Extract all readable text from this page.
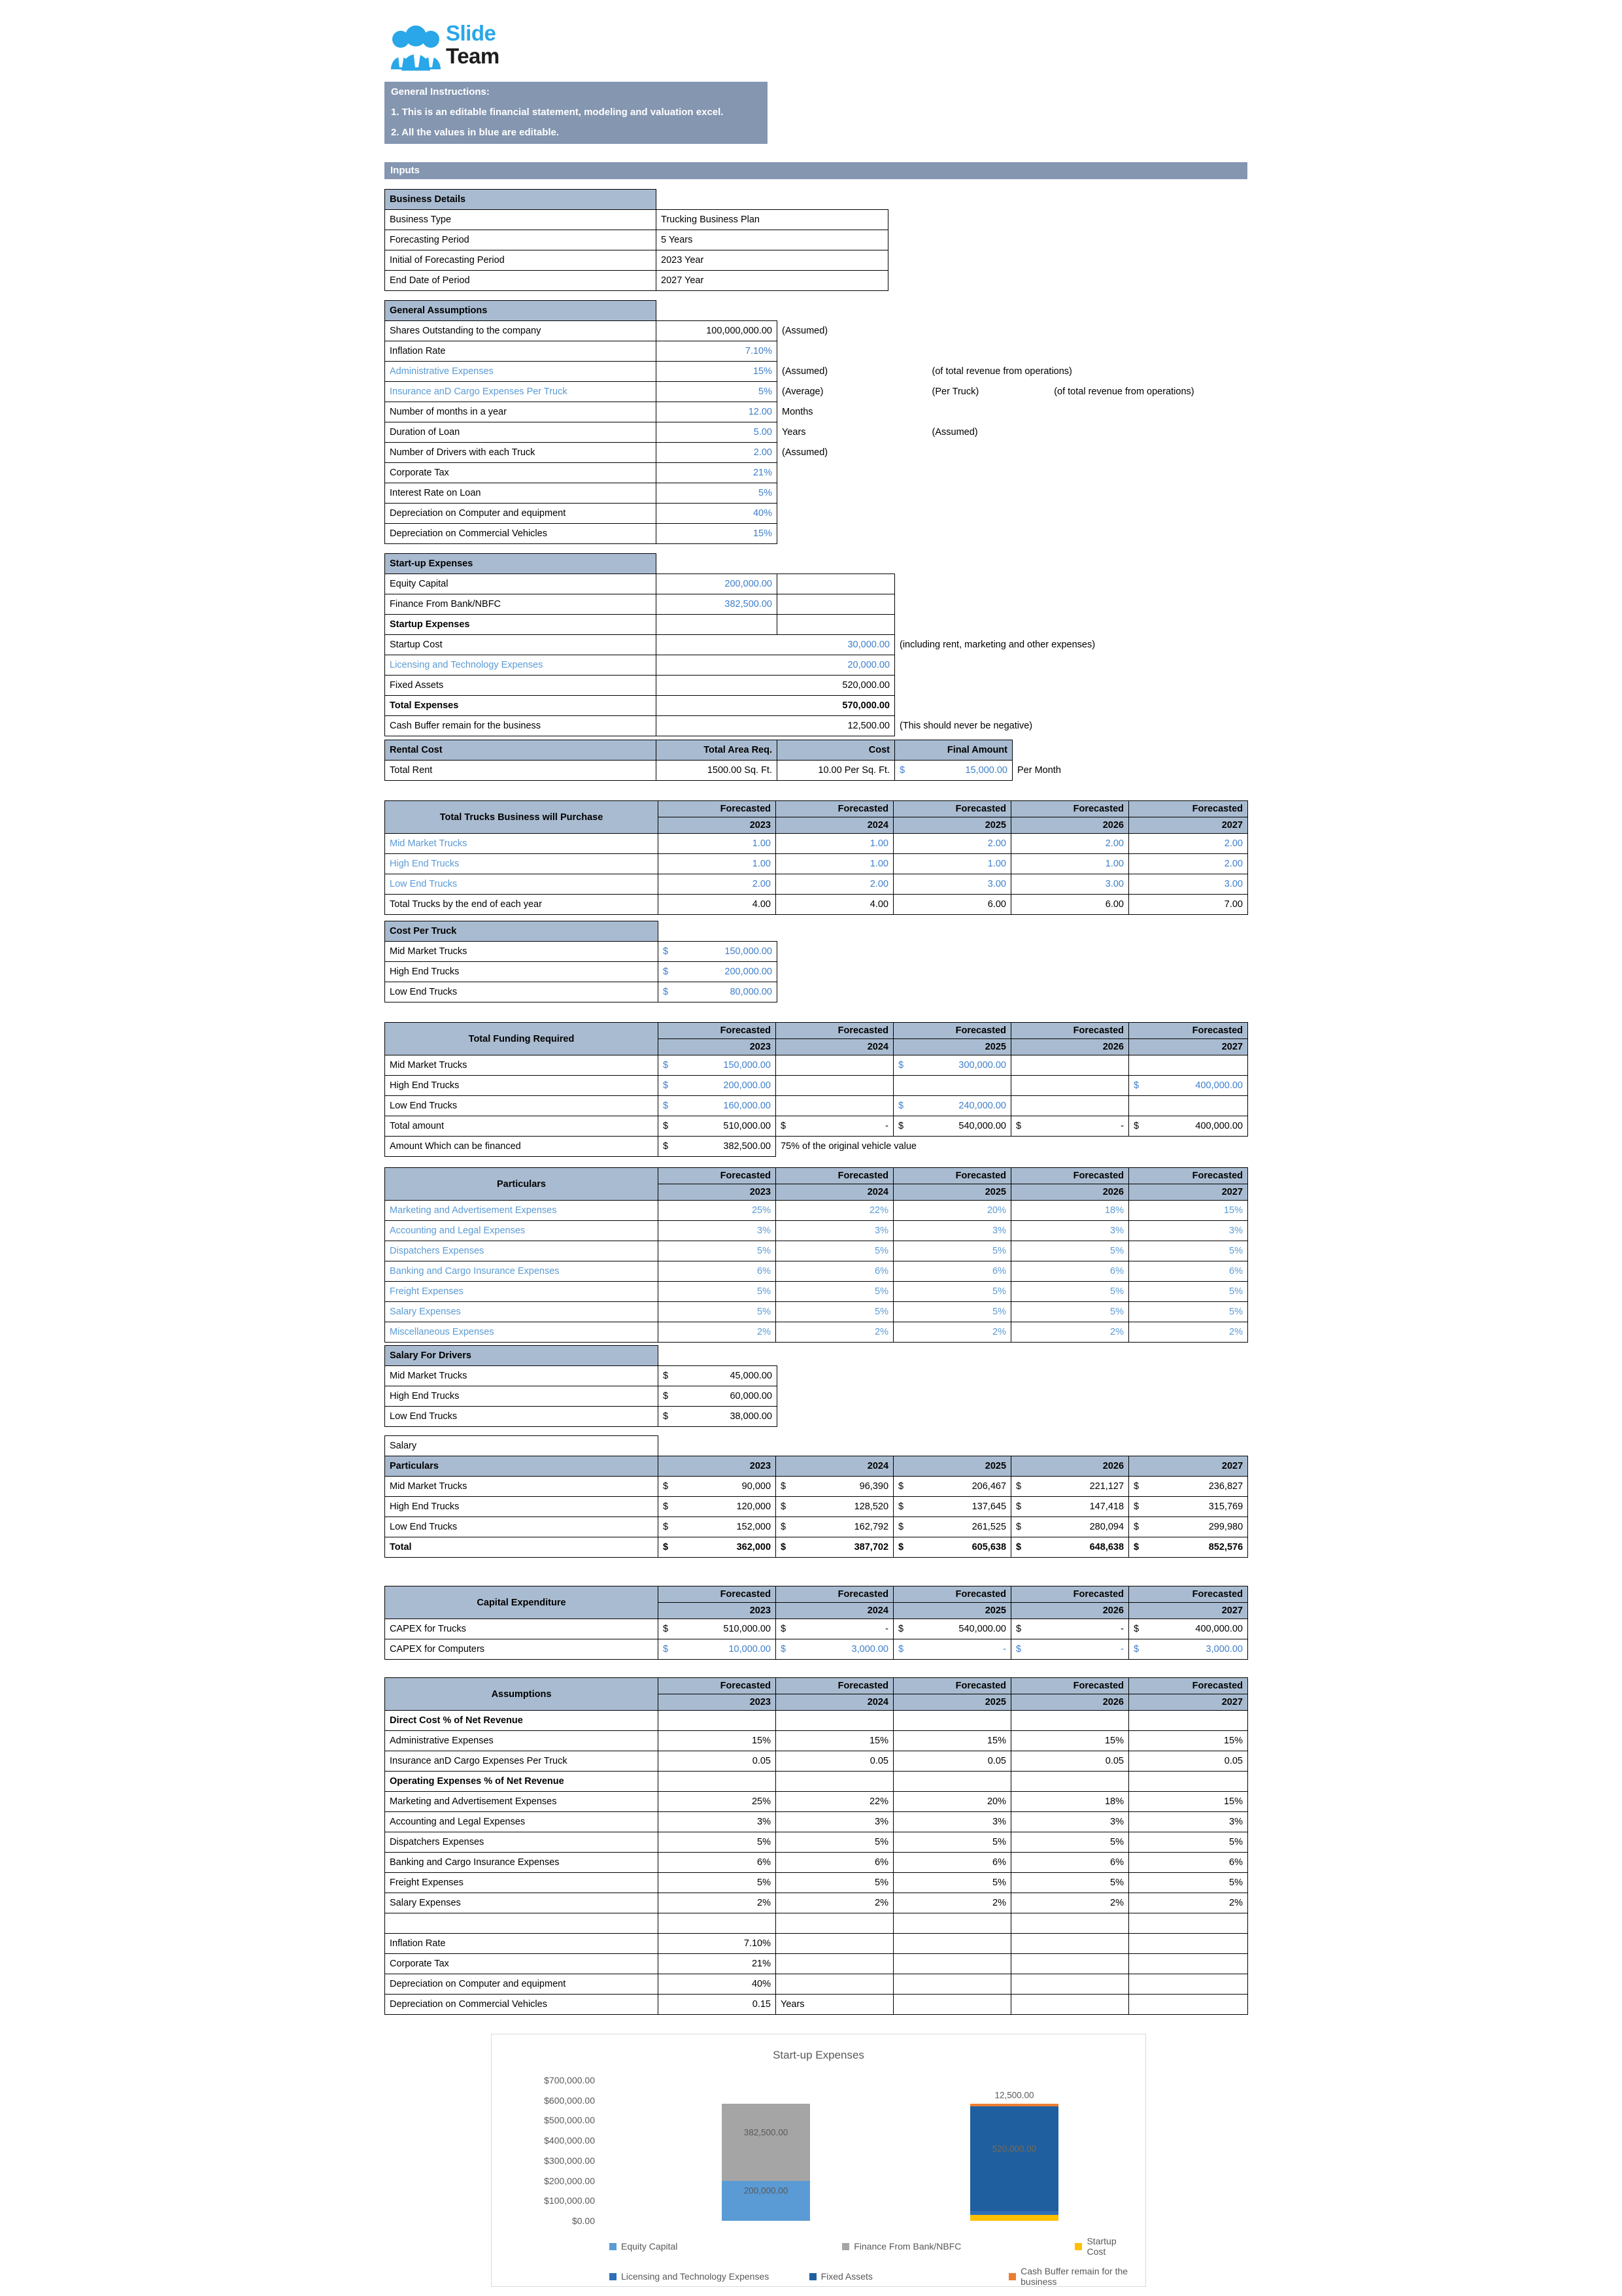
Slide
Team
General Instructions:
1. This is an editable financial statement, modeling and valuation excel.
2. All the values in blue are editable.
Inputs
Business Details	
Business Type	Trucking Business Plan
Forecasting Period	5 Years
Initial of Forecasting Period	2023 Year
End Date of Period	2027 Year
General Assumptions			
Shares Outstanding to the company	100,000,000.00	(Assumed)	
Inflation Rate	7.10%		
Administrative Expenses	15%	(Assumed)	(of total revenue from operations)
Insurance anD Cargo Expenses Per Truck	5%	(Average)	(Per Truck) (of total revenue from operations)
Number of months in a year	12.00	Months	
Duration of Loan	5.00	Years	(Assumed)
Number of Drivers with each Truck	2.00	(Assumed)	
Corporate Tax	21%		
Interest Rate on Loan	5%		
Depreciation on Computer and equipment	40%		
Depreciation on Commercial Vehicles	15%		
Start-up Expenses			
Equity Capital	200,000.00		
Finance From Bank/NBFC	382,500.00		
Startup Expenses			
Startup Cost		30,000.00	(including rent, marketing and other expenses)
Licensing and Technology Expenses		20,000.00	
Fixed Assets		520,000.00	
Total Expenses		570,000.00	
Cash Buffer remain for the business		12,500.00	(This should never be negative)
Rental Cost	Total Area Req.	Cost		Final Amount	
Total Rent	1500.00 Sq. Ft.	10.00 Per Sq. Ft.	$	15,000.00	Per Month
Total Trucks Business will Purchase	Forecasted	Forecasted	Forecasted	Forecasted	Forecasted
	2023	2024	2025	2026	2027
Mid Market Trucks	1.00	1.00	2.00	2.00	2.00
High End Trucks	1.00	1.00	1.00	1.00	2.00
Low End Trucks	2.00	2.00	3.00	3.00	3.00
Total Trucks by the end of each year	4.00	4.00	6.00	6.00	7.00
Cost Per Truck		
Mid Market Trucks	$	150,000.00
High End Trucks	$	200,000.00
Low End Trucks	$	80,000.00
Total Funding Required		Forecasted		Forecasted		Forecasted		Forecasted		Forecasted
		2023		2024		2025		2026		2027
Mid Market Trucks	$	150,000.00			$	300,000.00				
High End Trucks	$	200,000.00							$	400,000.00
Low End Trucks	$	160,000.00			$	240,000.00				
Total amount	$	510,000.00	$	-	$	540,000.00	$	-	$	400,000.00
Amount Which can be financed	$	382,500.00	75% of the original vehicle value							
Particulars	Forecasted	Forecasted	Forecasted	Forecasted	Forecasted
	2023	2024	2025	2026	2027
Marketing and Advertisement Expenses	25%	22%	20%	18%	15%
Accounting and Legal Expenses	3%	3%	3%	3%	3%
Dispatchers Expenses	5%	5%	5%	5%	5%
Banking and Cargo Insurance Expenses	6%	6%	6%	6%	6%
Freight Expenses	5%	5%	5%	5%	5%
Salary Expenses	5%	5%	5%	5%	5%
Miscellaneous Expenses	2%	2%	2%	2%	2%
Salary For Drivers		
Mid Market Trucks	$	45,000.00
High End Trucks	$	60,000.00
Low End Trucks	$	38,000.00
Salary										
Particulars		2023		2024		2025		2026		2027
Mid Market Trucks	$	90,000	$	96,390	$	206,467	$	221,127	$	236,827
High End Trucks	$	120,000	$	128,520	$	137,645	$	147,418	$	315,769
Low End Trucks	$	152,000	$	162,792	$	261,525	$	280,094	$	299,980
Total	$	362,000	$	387,702	$	605,638	$	648,638	$	852,576
Capital Expenditure		Forecasted		Forecasted		Forecasted		Forecasted		Forecasted
		2023		2024		2025		2026		2027
CAPEX for Trucks	$	510,000.00	$	-	$	540,000.00	$	-	$	400,000.00
CAPEX for Computers	$	10,000.00	$	3,000.00	$	-	$	-	$	3,000.00
Assumptions	Forecasted	Forecasted	Forecasted	Forecasted	Forecasted
	2023	2024	2025	2026	2027
Direct Cost % of Net Revenue					
Administrative Expenses	15%	15%	15%	15%	15%
Insurance anD Cargo Expenses Per Truck	0.05	0.05	0.05	0.05	0.05
Operating Expenses % of Net Revenue					
Marketing and Advertisement Expenses	25%	22%	20%	18%	15%
Accounting and Legal Expenses	3%	3%	3%	3%	3%
Dispatchers Expenses	5%	5%	5%	5%	5%
Banking and Cargo Insurance Expenses	6%	6%	6%	6%	6%
Freight Expenses	5%	5%	5%	5%	5%
Salary Expenses	2%	2%	2%	2%	2%

Inflation Rate	7.10%				
Corporate Tax	21%				
Depreciation on Computer and equipment	40%				
Depreciation on Commercial Vehicles	0.15	Years			
Start-up Expenses
$0.00
$100,000.00
$200,000.00
$300,000.00
$400,000.00
$500,000.00
$600,000.00
$700,000.00
200,000.00
382,500.00
520,000.00
12,500.00
Equity Capital	Finance From Bank/NBFC	Startup Cost
Licensing and Technology Expenses	Fixed Assets	Cash Buffer remain for the business
